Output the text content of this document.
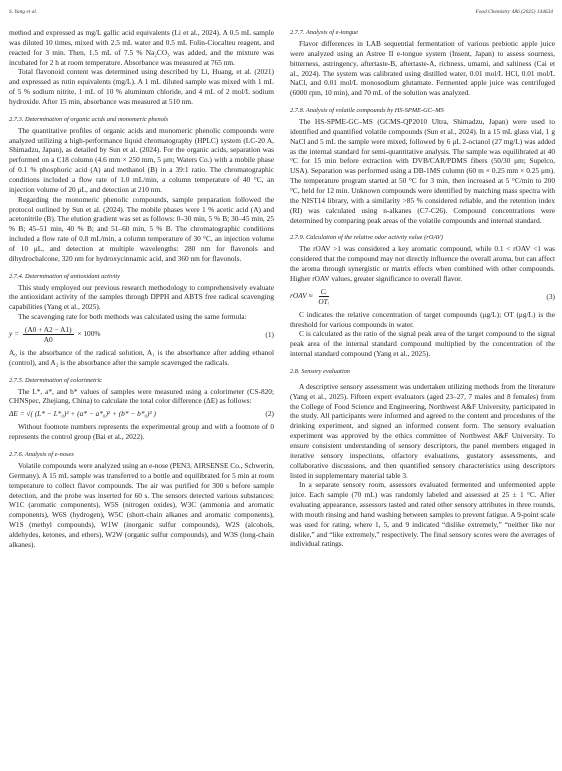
S. Yang et al.	Food Chemistry 486 (2025) 144634

method and expressed as mg/L gallic acid equivalents (Li et al., 2024). A 0.5 mL sample was diluted 10 times, mixed with 2.5 mL water and 0.5 mL Folin-Ciocalteu reagent, and reacted for 3 min. Then, 1.5 mL of 7.5 % Na₂CO₃ was added, and the mixture was incubated for 2 h at room temperature. Absorbance was measured at 765 nm.

Total flavonoid content was determined using described by Li, Huang, et al. (2021) and expressed as rutin equivalents (mg/L). A 1 mL diluted sample was mixed with 1 mL of 5 % sodium nitrite, 1 mL of 10 % aluminum chloride, and 4 mL of 2 mol/L sodium hydroxide. After 15 min, absorbance was measured at 510 nm.

2.7.3. Determination of organic acids and monomeric phenols

The quantitative profiles of organic acids and monomeric phenolic compounds were analyzed utilizing a high-performance liquid chromatography (HPLC) system (LC-20 A, Shimadzu, Japan), as detailed by Sun et al. (2024). For the organic acids, separation was performed on a C18 column (4.6 mm × 250 mm, 5 μm; Waters Co.) with a mobile phase of 0.1 % phosphoric acid (A) and methanol (B) in a 39:1 ratio. The chromatographic conditions included a flow rate of 1.0 mL/min, a column temperature of 40 °C, an injection volume of 20 μL, and detection at 210 nm.

Regarding the monomeric phenolic compounds, sample preparation followed the protocol outlined by Sun et al. (2024). The mobile phases were 1 % acetic acid (A) and acetonitrile (B). The elution gradient was set as follows: 0–30 min, 5 % B; 30–45 min, 25 % B; 45–51 min, 40 % B; and 51–60 min, 5 % B. The chromatographic conditions included a flow rate of 0.8 mL/min, a column temperature of 30 °C, an injection volume of 10 μL, and detection at multiple wavelengths: 280 nm for flavonols and dihydrochalcone, 320 nm for hydroxycinnamic acid, and 360 nm for flavonols.

2.7.4. Determination of antioxidant activity

This study employed our previous research methodology to comprehensively evaluate the antioxidant activity of the samples through DPPH and ABTS free radical scavenging capabilities (Yang et al., 2025).

The scavenging rate for both methods was calculated using the same formula:

$y = \frac{(A0 + A2 - A1)}{A0} \times 100\%$	(1)

A₀ is the absorbance of the radical solution, A₁ is the absorbance after adding ethanol (control), and A₂ is the absorbance after the sample scavenged the radicals.

2.7.5. Determination of colorimetric

The L*, a*, and b* values of samples were measured using a colorimeter (CS-820; CHNSpec, Zhejiang, China) to calculate the total color difference (ΔE) as follows:

ΔE = √( (L* − L*₀)² + (a* − a*₀)² + (b* − b*₀)² )	(2)

Without footnote numbers represents the experimental group and with a footnote of 0 represents the control group (Bai et al., 2022).

2.7.6. Analysis of e-noses

Volatile compounds were analyzed using an e-nose (PEN3, AIRSENSE Co., Schwerin, Germany). A 15 mL sample was transferred to a bottle and equilibrated for 5 min at room temperature to collect flavor compounds. The air was purified for 300 s before sample detection, and the probe was inserted for 60 s. The sensors detected various substances: W1C (aromatic components), W5S (nitrogen oxides), W3C (ammonia and aromatic components), W6S (hydrogen), W5C (short-chain alkanes and aromatic components), W1S (methyl compounds), W1W (inorganic sulfur compounds), W2S (alcohols, aldehydes, ketones, and ethers), W2W (organic sulfur compounds), and W3S (long-chain alkanes).

2.7.7. Analysis of e-tongue

Flavor differences in LAB sequential fermentation of various prebiotic apple juice were analyzed using an Astree II e-tongue system (Insent, Japan) to assess sourness, bitterness, astringency, aftertaste-B, aftertaste-A, richness, umami, and saltiness (Cai et al., 2024). The system was calibrated using distilled water, 0.01 mol/L HCl, 0.01 mol/L NaCl, and 0.01 mol/L monosodium glutamate. Fermented apple juice was centrifuged (6000 rpm, 10 min), and 70 mL of the solution was analyzed.

2.7.8. Analysis of volatile compounds by HS-SPME-GC–MS

The HS-SPME-GC–MS (GCMS-QP2010 Ultra, Shimadzu, Japan) were used to identified and quantified volatile compounds (Sun et al., 2024). In a 15 mL glass vial, 1 g NaCl and 5 mL the sample were mixed, followed by 6 μL 2-octanol (27 mg/L) was added as the internal standard for semi-quantitative analysis. The sample was equilibrated at 40 °C for 15 min before extraction with DVB/CAR/PDMS fibers (50/30 μm; Supelco, USA). Separation was performed using a DB-1MS column (60 m × 0.25 mm × 0.25 μm). The temperature program started at 50 °C for 3 min, then increased at 5 °C/min to 200 °C, held for 12 min. Unknown compounds were identified by matching mass spectra with the NIST14 library, with a similarity >85 % considered reliable, and the retention index (RI) was calculated using n-alkanes (C7-C26). Compound concentrations were determined by comparing peak areas of the volatile compounds and internal standard.

2.7.9. Calculation of the relative odor activity value (rOAV)

The rOAV >1 was considered a key aromatic compound, while 0.1 < rOAV <1 was considered that the compound may not directly influence the overall aroma, but can affect the aroma through synergistic or matrix effects when combined with other compounds. Higher rOAV values, greater significance to overall flavor.

rOAV ≈ $\frac{\text{Cᵢ}}{\text{OTᵢ}}$	(3)

C indicates the relative concentration of target compounds (μg/L); OT (μg/L) is the threshold for various compounds in water.

C is calculated as the ratio of the signal peak area of the target compound to the signal peak area of the internal standard compound multiplied by the concentration of the internal standard compound (Yang et al., 2025).

2.8. Sensory evaluation

A descriptive sensory assessment was undertaken utilizing methods from the literature (Yang et al., 2025). Fifteen expert evaluators (aged 23–27, 7 males and 8 females) from the College of Food Science and Engineering, Northwest A&F University, participated in the study. All participants were informed and agreed to the content and procedures of the drinking experiment, and signed an informed consent form. The sensory evaluation experiment was approved by the ethics committee of Northwest A&F University. To ensure consistent understanding of sensory descriptors, the panel members engaged in iterative sensory inspections, olfactory evaluations, gustatory assessments, and collaborative discussions, and then quantified sensory characteristics using descriptors listed in supplementary material table 3.

In a separate sensory room, assessors evaluated fermented and unfermented apple juice. Each sample (70 mL) was randomly labeled and assessed at 25 ± 1 °C. After evaluating appearance, assessors tasted and rated other sensory attributes in three rounds, with mouth rinsing and hand washing between samples to prevent fatigue. A 9-point scale was used for rating, where 1, 5, and 9 indicated “dislike extremely,” “neither like nor dislike,” and “like extremely,” respectively. The final sensory scores were the averages of individual ratings.
